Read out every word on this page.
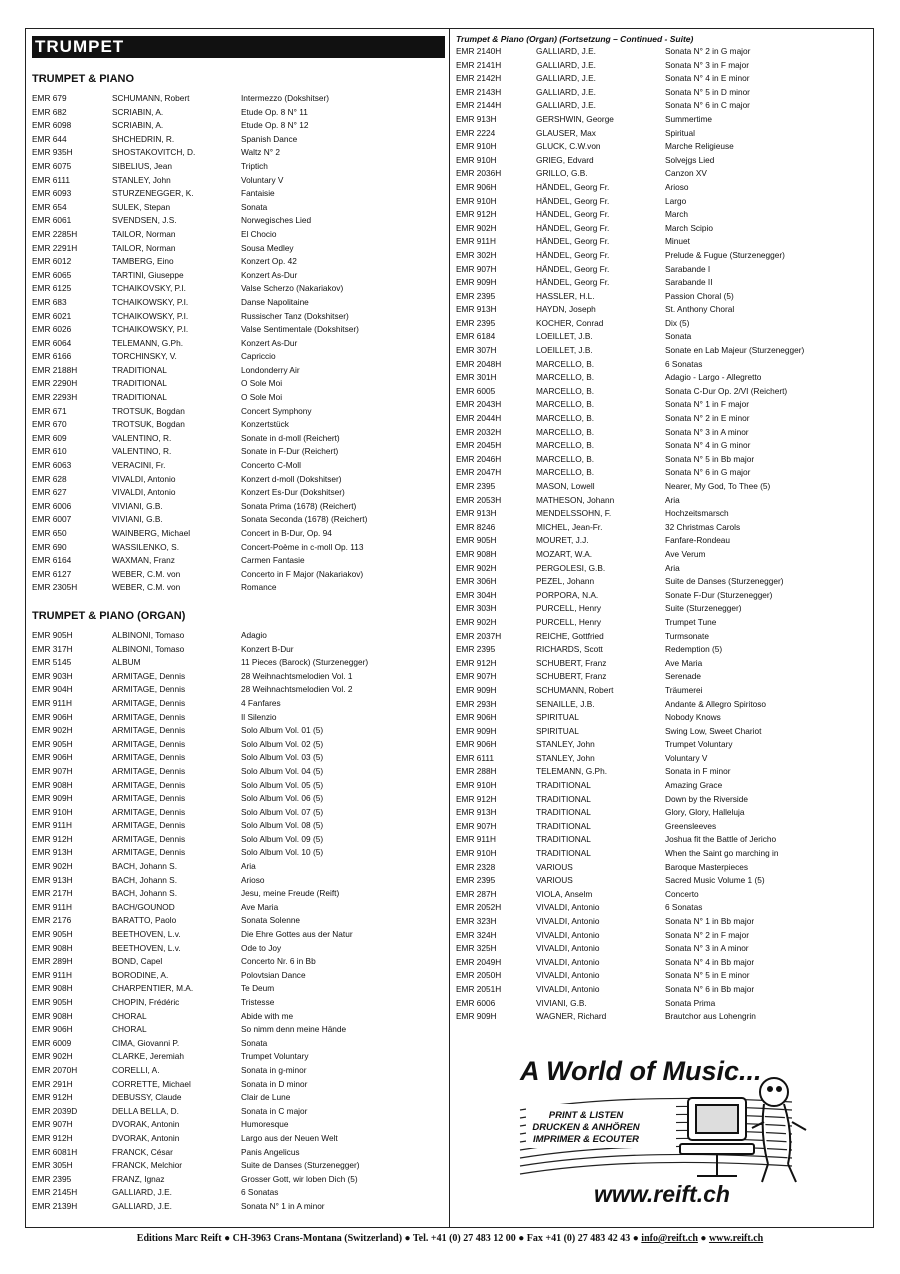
TRUMPET
TRUMPET & PIANO
EMR 679	SCHUMANN, Robert	Intermezzo (Dokshitser)
EMR 682	SCRIABIN, A.	Etude Op. 8 N° 11
EMR 6098	SCRIABIN, A.	Etude Op. 8 N° 12
EMR 644	SHCHEDRIN, R.	Spanish Dance
EMR 935H	SHOSTAKOVITCH, D.	Waltz N° 2
EMR 6075	SIBELIUS, Jean	Triptich
EMR 6111	STANLEY, John	Voluntary V
EMR 6093	STURZENEGGER, K.	Fantaisie
EMR 654	SULEK, Stepan	Sonata
EMR 6061	SVENDSEN, J.S.	Norwegisches Lied
EMR 2285H	TAILOR, Norman	El Chocio
EMR 2291H	TAILOR, Norman	Sousa Medley
EMR 6012	TAMBERG, Eino	Konzert Op. 42
EMR 6065	TARTINI, Giuseppe	Konzert As-Dur
EMR 6125	TCHAIKOVSKY, P.I.	Valse Scherzo (Nakariakov)
EMR 683	TCHAIKOWSKY, P.I.	Danse Napolitaine
EMR 6021	TCHAIKOWSKY, P.I.	Russischer Tanz (Dokshitser)
EMR 6026	TCHAIKOWSKY, P.I.	Valse Sentimentale (Dokshitser)
EMR 6064	TELEMANN, G.Ph.	Konzert As-Dur
EMR 6166	TORCHINSKY, V.	Capriccio
EMR 2188H	TRADITIONAL	Londonderry Air
EMR 2290H	TRADITIONAL	O Sole Moi
EMR 2293H	TRADITIONAL	O Sole Moi
EMR 671	TROTSUK, Bogdan	Concert Symphony
EMR 670	TROTSUK, Bogdan	Konzertstück
EMR 609	VALENTINO, R.	Sonate in d-moll (Reichert)
EMR 610	VALENTINO, R.	Sonate in F-Dur (Reichert)
EMR 6063	VERACINI, Fr.	Concerto C-Moll
EMR 628	VIVALDI, Antonio	Konzert d-moll (Dokshitser)
EMR 627	VIVALDI, Antonio	Konzert Es-Dur (Dokshitser)
EMR 6006	VIVIANI, G.B.	Sonata Prima (1678) (Reichert)
EMR 6007	VIVIANI, G.B.	Sonata Seconda (1678) (Reichert)
EMR 650	WAINBERG, Michael	Concert in B-Dur, Op. 94
EMR 690	WASSILENKO, S.	Concert-Poème in c-moll Op. 113
EMR 6164	WAXMAN, Franz	Carmen Fantasie
EMR 6127	WEBER, C.M. von	Concerto in F Major (Nakariakov)
EMR 2305H	WEBER, C.M. von	Romance
TRUMPET & PIANO (ORGAN)
EMR 905H	ALBINONI, Tomaso	Adagio
EMR 317H	ALBINONI, Tomaso	Konzert B-Dur
EMR 5145	ALBUM	11 Pieces (Barock) (Sturzenegger)
EMR 903H	ARMITAGE, Dennis	28 Weihnachtsmelodien Vol. 1
EMR 904H	ARMITAGE, Dennis	28 Weihnachtsmelodien Vol. 2
EMR 911H	ARMITAGE, Dennis	4 Fanfares
EMR 906H	ARMITAGE, Dennis	Il Silenzio
EMR 902H	ARMITAGE, Dennis	Solo Album Vol. 01 (5)
EMR 905H	ARMITAGE, Dennis	Solo Album Vol. 02 (5)
EMR 906H	ARMITAGE, Dennis	Solo Album Vol. 03 (5)
EMR 907H	ARMITAGE, Dennis	Solo Album Vol. 04 (5)
EMR 908H	ARMITAGE, Dennis	Solo Album Vol. 05 (5)
EMR 909H	ARMITAGE, Dennis	Solo Album Vol. 06 (5)
EMR 910H	ARMITAGE, Dennis	Solo Album Vol. 07 (5)
EMR 911H	ARMITAGE, Dennis	Solo Album Vol. 08 (5)
EMR 912H	ARMITAGE, Dennis	Solo Album Vol. 09 (5)
EMR 913H	ARMITAGE, Dennis	Solo Album Vol. 10 (5)
EMR 902H	BACH, Johann S.	Aria
EMR 913H	BACH, Johann S.	Arioso
EMR 217H	BACH, Johann S.	Jesu, meine Freude (Reift)
EMR 911H	BACH/GOUNOD	Ave Maria
EMR 2176	BARATTO, Paolo	Sonata Solenne
EMR 905H	BEETHOVEN, L.v.	Die Ehre Gottes aus der Natur
EMR 908H	BEETHOVEN, L.v.	Ode to Joy
EMR 289H	BOND, Capel	Concerto Nr. 6 in Bb
EMR 911H	BORODINE, A.	Polovtsian Dance
EMR 908H	CHARPENTIER, M.A.	Te Deum
EMR 905H	CHOPIN, Frédéric	Tristesse
EMR 908H	CHORAL	Abide with me
EMR 906H	CHORAL	So nimm denn meine Hände
EMR 6009	CIMA, Giovanni P.	Sonata
EMR 902H	CLARKE, Jeremiah	Trumpet Voluntary
EMR 2070H	CORELLI, A.	Sonata in g-minor
EMR 291H	CORRETTE, Michael	Sonata in D minor
EMR 912H	DEBUSSY, Claude	Clair de Lune
EMR 2039D	DELLA BELLA, D.	Sonata in C major
EMR 907H	DVORAK, Antonin	Humoresque
EMR 912H	DVORAK, Antonin	Largo aus der Neuen Welt
EMR 6081H	FRANCK, César	Panis Angelicus
EMR 305H	FRANCK, Melchior	Suite de Danses (Sturzenegger)
EMR 2395	FRANZ, Ignaz	Grosser Gott, wir loben Dich (5)
EMR 2145H	GALLIARD, J.E.	6 Sonatas
EMR 2139H	GALLIARD, J.E.	Sonata N° 1 in A minor
Trumpet & Piano (Organ) (Fortsetzung – Continued - Suite)
EMR 2140H	GALLIARD, J.E.	Sonata N° 2 in G major
EMR 2141H	GALLIARD, J.E.	Sonata N° 3 in F major
EMR 2142H	GALLIARD, J.E.	Sonata N° 4 in E minor
EMR 2143H	GALLIARD, J.E.	Sonata N° 5 in D minor
EMR 2144H	GALLIARD, J.E.	Sonata N° 6 in C major
EMR 913H	GERSHWIN, George	Summertime
EMR 2224	GLAUSER, Max	Spiritual
EMR 910H	GLUCK, C.W.von	Marche Religieuse
EMR 910H	GRIEG, Edvard	Solvejgs Lied
EMR 2036H	GRILLO, G.B.	Canzon XV
EMR 906H	HÄNDEL, Georg Fr.	Arioso
EMR 910H	HÄNDEL, Georg Fr.	Largo
EMR 912H	HÄNDEL, Georg Fr.	March
EMR 902H	HÄNDEL, Georg Fr.	March Scipio
EMR 911H	HÄNDEL, Georg Fr.	Minuet
EMR 302H	HÄNDEL, Georg Fr.	Prelude & Fugue (Sturzenegger)
EMR 907H	HÄNDEL, Georg Fr.	Sarabande I
EMR 909H	HÄNDEL, Georg Fr.	Sarabande II
EMR 2395	HASSLER, H.L.	Passion Choral (5)
EMR 913H	HAYDN, Joseph	St. Anthony Choral
EMR 2395	KOCHER, Conrad	Dix (5)
EMR 6184	LOEILLET, J.B.	Sonata
EMR 307H	LOEILLET, J.B.	Sonate en Lab Majeur (Sturzenegger)
EMR 2048H	MARCELLO, B.	6 Sonatas
EMR 301H	MARCELLO, B.	Adagio - Largo - Allegretto
EMR 6005	MARCELLO, B.	Sonata C-Dur Op. 2/VI (Reichert)
EMR 2043H	MARCELLO, B.	Sonata N° 1 in F major
EMR 2044H	MARCELLO, B.	Sonata N° 2 in E minor
EMR 2032H	MARCELLO, B.	Sonata N° 3 in A minor
EMR 2045H	MARCELLO, B.	Sonata N° 4 in G minor
EMR 2046H	MARCELLO, B.	Sonata N° 5 in Bb major
EMR 2047H	MARCELLO, B.	Sonata N° 6 in G major
EMR 2395	MASON, Lowell	Nearer, My God, To Thee (5)
EMR 2053H	MATHESON, Johann	Aria
EMR 913H	MENDELSSOHN, F.	Hochzeitsmarsch
EMR 8246	MICHEL, Jean-Fr.	32 Christmas Carols
EMR 905H	MOURET, J.J.	Fanfare-Rondeau
EMR 908H	MOZART, W.A.	Ave Verum
EMR 902H	PERGOLESI, G.B.	Aria
EMR 306H	PEZEL, Johann	Suite de Danses (Sturzenegger)
EMR 304H	PORPORA, N.A.	Sonate F-Dur (Sturzenegger)
EMR 303H	PURCELL, Henry	Suite (Sturzenegger)
EMR 902H	PURCELL, Henry	Trumpet Tune
EMR 2037H	REICHE, Gottfried	Turmsonate
EMR 2395	RICHARDS, Scott	Redemption (5)
EMR 912H	SCHUBERT, Franz	Ave Maria
EMR 907H	SCHUBERT, Franz	Serenade
EMR 909H	SCHUMANN, Robert	Träumerei
EMR 293H	SENAILLE, J.B.	Andante & Allegro Spiritoso
EMR 906H	SPIRITUAL	Nobody Knows
EMR 909H	SPIRITUAL	Swing Low, Sweet Chariot
EMR 906H	STANLEY, John	Trumpet Voluntary
EMR 6111	STANLEY, John	Voluntary V
EMR 288H	TELEMANN, G.Ph.	Sonata in F minor
EMR 910H	TRADITIONAL	Amazing Grace
EMR 912H	TRADITIONAL	Down by the Riverside
EMR 913H	TRADITIONAL	Glory, Glory, Halleluja
EMR 907H	TRADITIONAL	Greensleeves
EMR 911H	TRADITIONAL	Joshua fit the Battle of Jericho
EMR 910H	TRADITIONAL	When the Saint go marching in
EMR 2328	VARIOUS	Baroque Masterpieces
EMR 2395	VARIOUS	Sacred Music Volume 1 (5)
EMR 287H	VIOLA, Anselm	Concerto
EMR 2052H	VIVALDI, Antonio	6 Sonatas
EMR 323H	VIVALDI, Antonio	Sonata N° 1 in Bb major
EMR 324H	VIVALDI, Antonio	Sonata N° 2 in F major
EMR 325H	VIVALDI, Antonio	Sonata N° 3 in A minor
EMR 2049H	VIVALDI, Antonio	Sonata N° 4 in Bb major
EMR 2050H	VIVALDI, Antonio	Sonata N° 5 in E minor
EMR 2051H	VIVALDI, Antonio	Sonata N° 6 in Bb major
EMR 6006	VIVIANI, G.B.	Sonata Prima
EMR 909H	WAGNER, Richard	Brautchor aus Lohengrin
A World of Music...
PRINT & LISTEN
DRUCKEN & ANHÖREN
IMPRIMER & ECOUTER
www.reift.ch
Editions Marc Reift ● CH-3963 Crans-Montana (Switzerland) ● Tel. +41 (0) 27 483 12 00 ● Fax +41 (0) 27 483 42 43 ● info@reift.ch ● www.reift.ch
